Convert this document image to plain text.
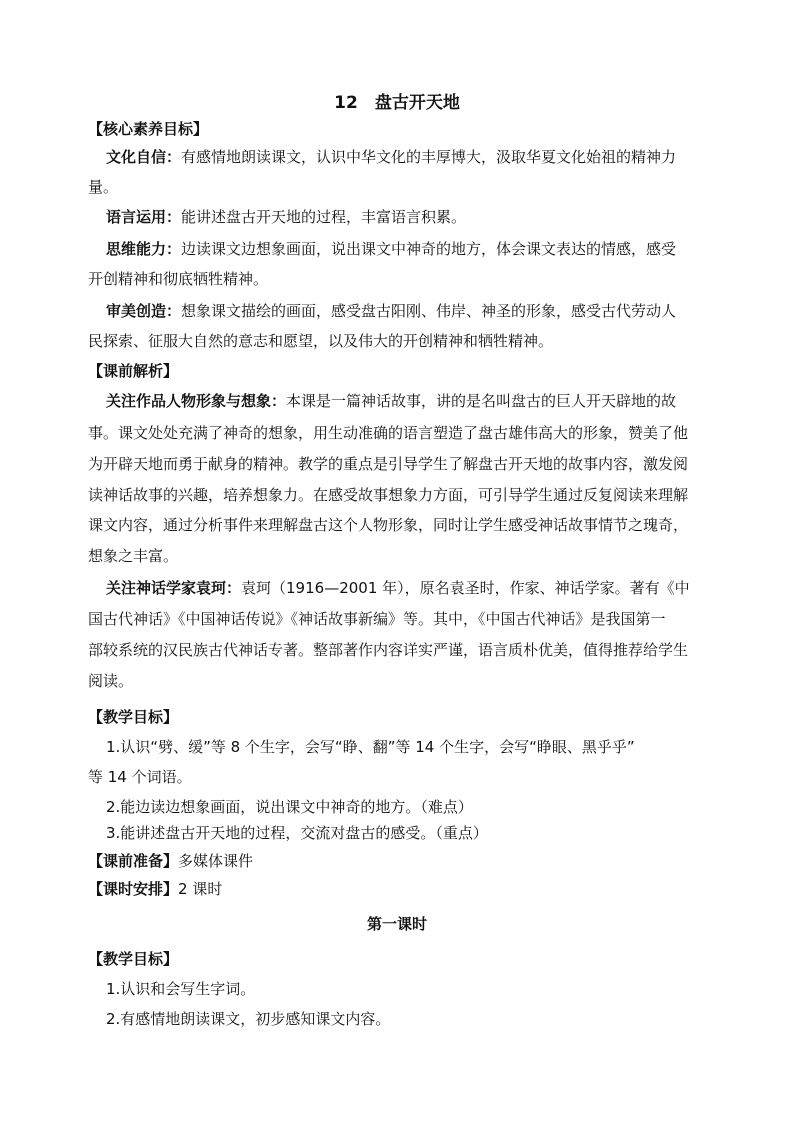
12　盘古开天地
【核心素养目标】
文化自信：有感情地朗读课文，认识中华文化的丰厚博大，汲取华夏文化始祖的精神力
量。
语言运用：能讲述盘古开天地的过程，丰富语言积累。
思维能力：边读课文边想象画面，说出课文中神奇的地方，体会课文表达的情感，感受
开创精神和彻底牺牲精神。
审美创造：想象课文描绘的画面，感受盘古阳刚、伟岸、神圣的形象，感受古代劳动人
民探索、征服大自然的意志和愿望，以及伟大的开创精神和牺牲精神。
【课前解析】
关注作品人物形象与想象：本课是一篇神话故事，讲的是名叫盘古的巨人开天辟地的故
事。课文处处充满了神奇的想象，用生动准确的语言塑造了盘古雄伟高大的形象，赞美了他
为开辟天地而勇于献身的精神。教学的重点是引导学生了解盘古开天地的故事内容，激发阅
读神话故事的兴趣，培养想象力。在感受故事想象力方面，可引导学生通过反复阅读来理解
课文内容，通过分析事件来理解盘古这个人物形象，同时让学生感受神话故事情节之瑰奇，
想象之丰富。
关注神话学家袁珂：袁珂（1916—2001 年），原名袁圣时，作家、神话学家。著有《中
国古代神话》《中国神话传说》《神话故事新编》等。其中，《中国古代神话》是我国第一
部较系统的汉民族古代神话专著。整部著作内容详实严谨，语言质朴优美，值得推荐给学生
阅读。
【教学目标】
1.认识“劈、缓”等 8 个生字，会写“睁、翻”等 14 个生字，会写“睁眼、黑乎乎”
等 14 个词语。
2.能边读边想象画面，说出课文中神奇的地方。（难点）
3.能讲述盘古开天地的过程，交流对盘古的感受。（重点）
【课前准备】多媒体课件
【课时安排】2 课时
第一课时
【教学目标】
1.认识和会写生字词。
2.有感情地朗读课文，初步感知课文内容。
